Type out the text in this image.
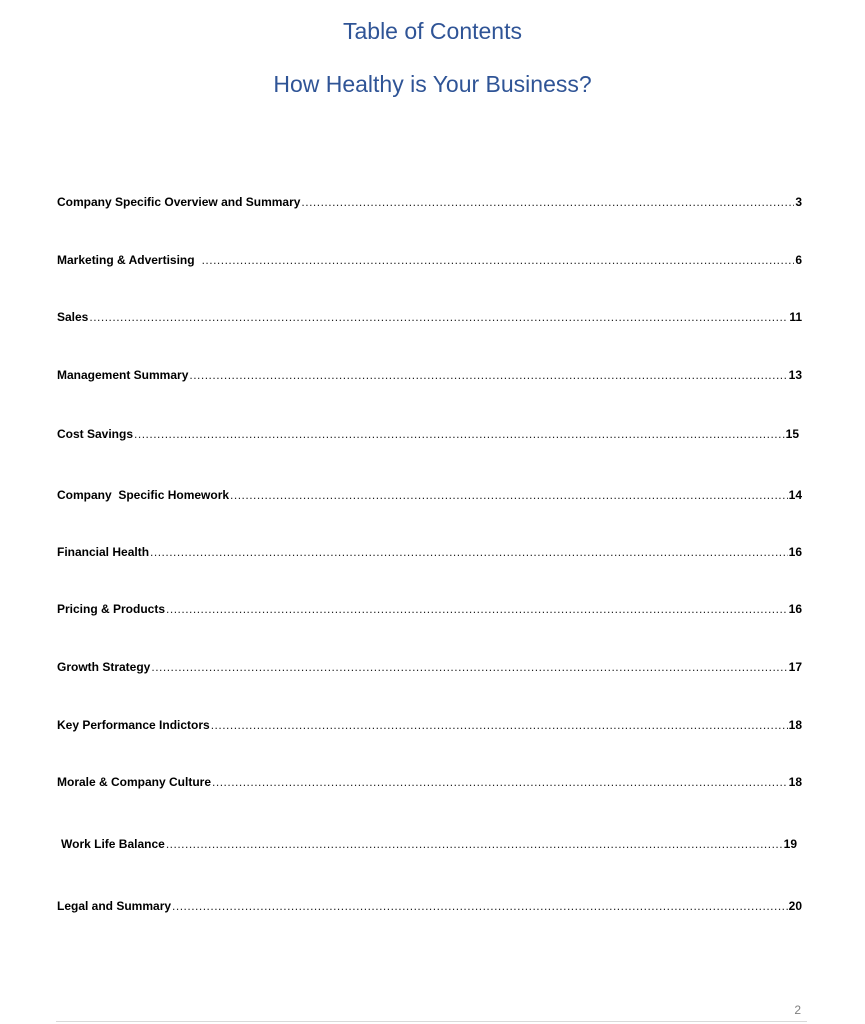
Table of Contents
How Healthy is Your Business?
Company Specific Overview and Summary .....	3
Marketing & Advertising .....	6
Sales .....	11
Management Summary .....	13
Cost Savings .....	15
Company  Specific Homework .....	14
Financial Health .....	16
Pricing & Products .....	16
Growth Strategy .....	17
Key Performance Indictors .....	18
Morale & Company Culture .....	18
Work Life Balance .....	19
Legal and Summary .....	20
2
